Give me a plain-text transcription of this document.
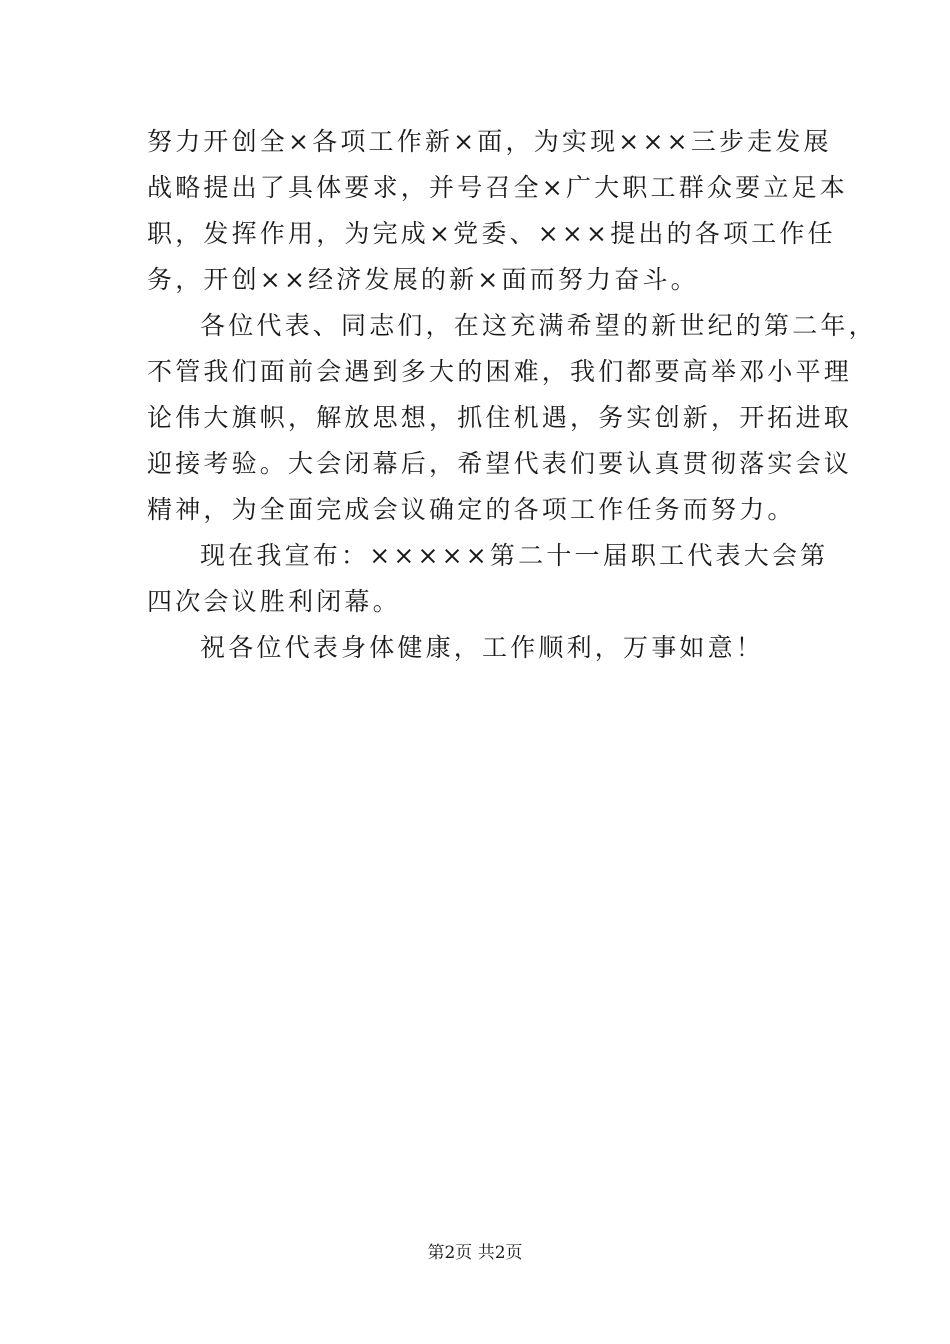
努力开创全×各项工作新×面，为实现×××三步走发展
战略提出了具体要求，并号召全×广大职工群众要立足本
职，发挥作用，为完成×党委、×××提出的各项工作任
务，开创××经济发展的新×面而努力奋斗。
各位代表、同志们，在这充满希望的新世纪的第二年，
不管我们面前会遇到多大的困难，我们都要高举邓小平理
论伟大旗帜，解放思想，抓住机遇，务实创新，开拓进取
迎接考验。大会闭幕后，希望代表们要认真贯彻落实会议
精神，为全面完成会议确定的各项工作任务而努力。
现在我宣布：×××××第二十一届职工代表大会第
四次会议胜利闭幕。
祝各位代表身体健康，工作顺利，万事如意！
第2页 共2页
